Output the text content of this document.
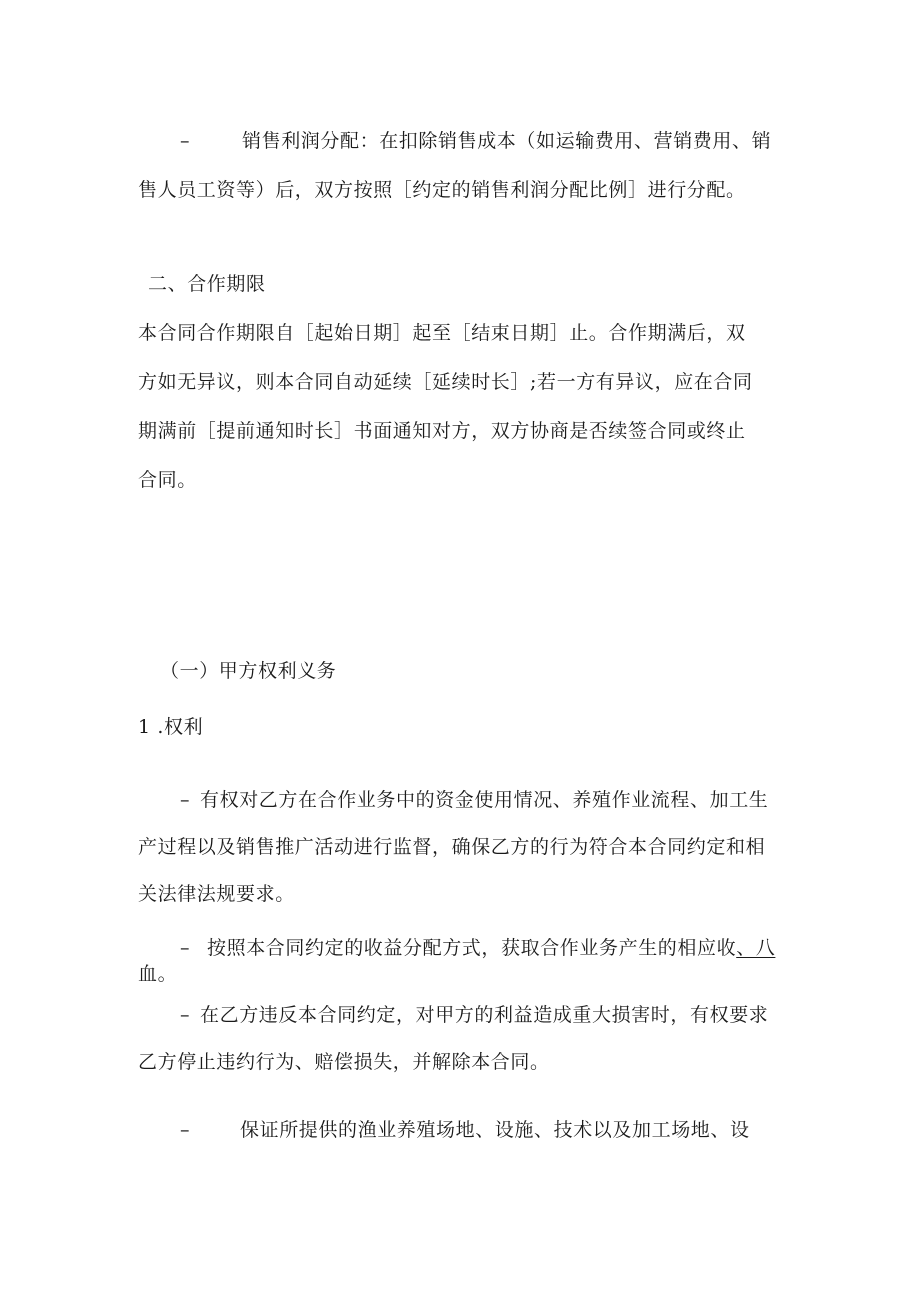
–	销售利润分配：在扣除销售成本（如运输费用、营销费用、销
售人员工资等）后，双方按照［约定的销售利润分配比例］进行分配。
二、合作期限
本合同合作期限自［起始日期］起至［结束日期］止。合作期满后，双
方如无异议，则本合同自动延续［延续时长］;若一方有异议，应在合同
期满前［提前通知时长］书面通知对方，双方协商是否续签合同或终止
合同。
（一）甲方权利义务
1 .权利
– 有权对乙方在合作业务中的资金使用情况、养殖作业流程、加工生
产过程以及销售推广活动进行监督，确保乙方的行为符合本合同约定和相
关法律法规要求。
– 按照本合同约定的收益分配方式，获取合作业务产生的相应收、八
血。
– 在乙方违反本合同约定，对甲方的利益造成重大损害时，有权要求
乙方停止违约行为、赔偿损失，并解除本合同。
–	保证所提供的渔业养殖场地、设施、技术以及加工场地、设
